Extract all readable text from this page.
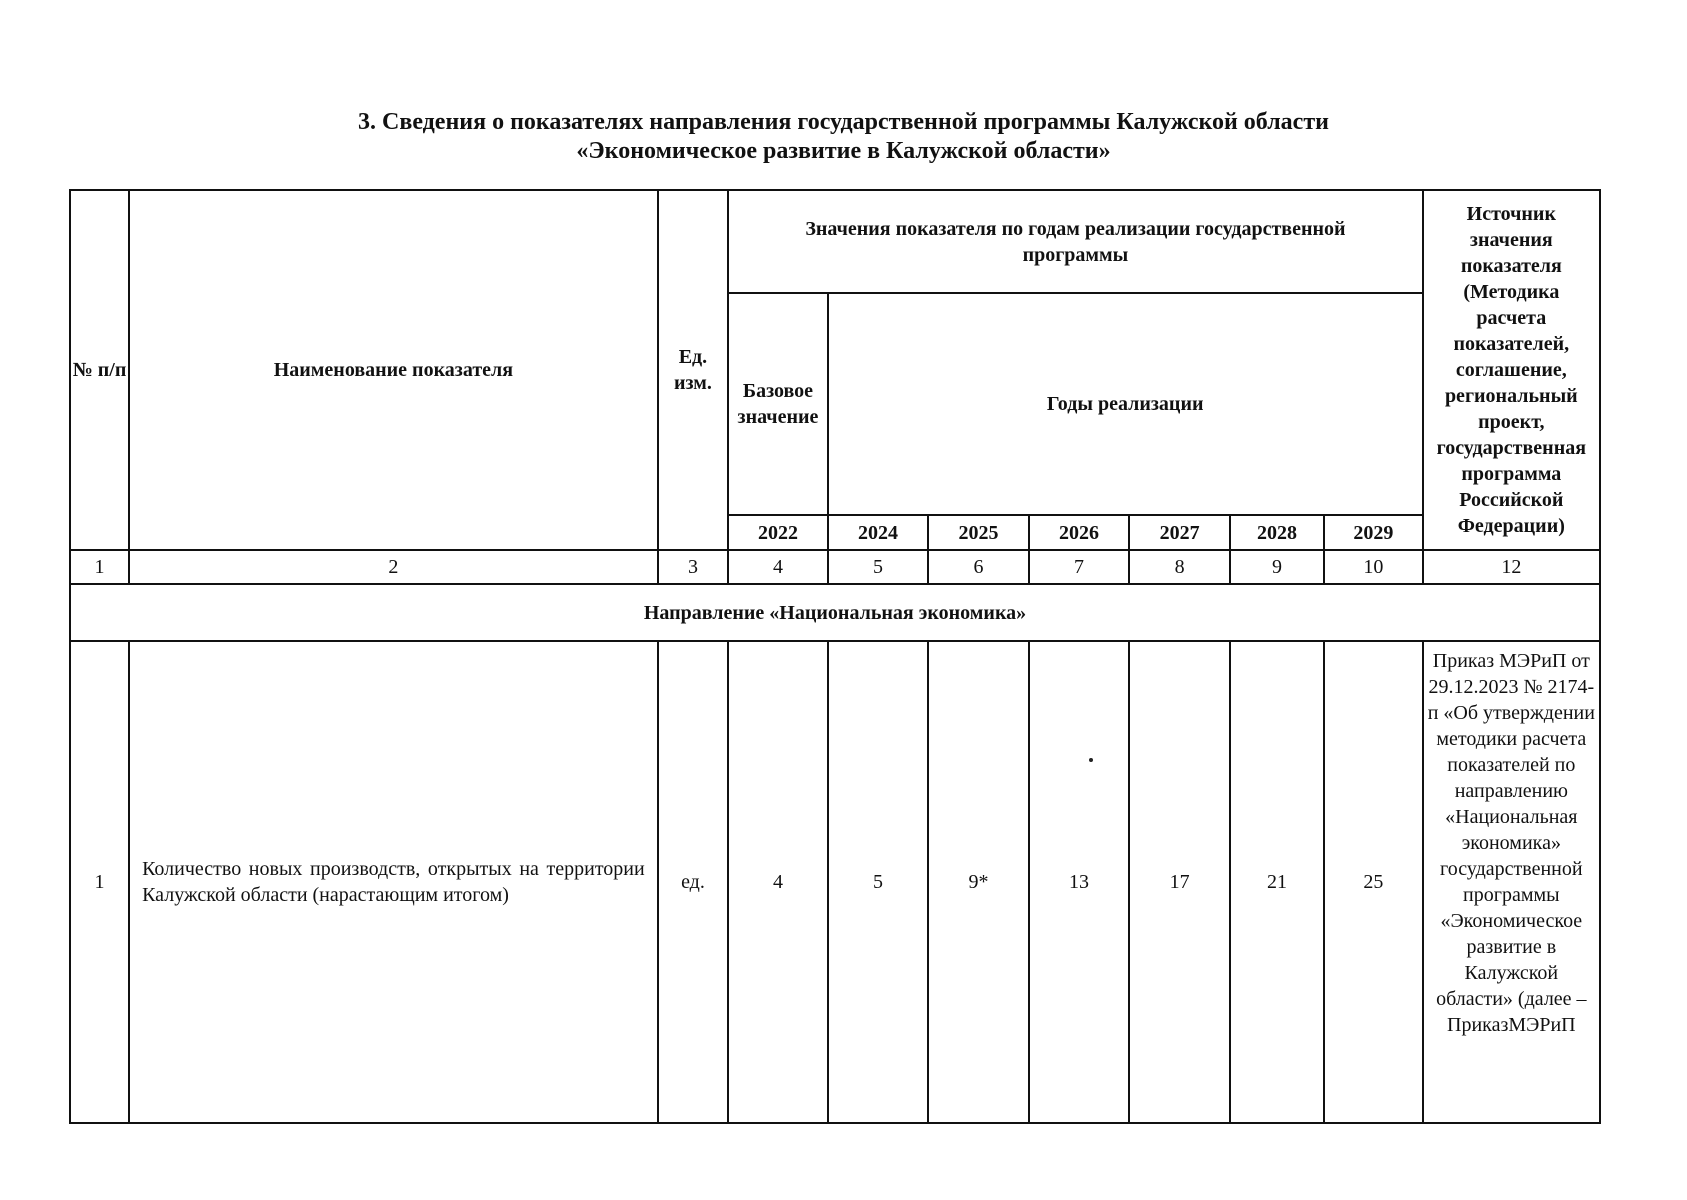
3. Сведения о показателях направления государственной программы Калужской области
«Экономическое развитие в Калужской области»
№ п/п	Наименование показателя	Ед. изм.	Значения показателя по годам реализации государственной программы							Источник значения показателя (Методика расчета показателей, соглашение, региональный проект, государственная программа Российской Федерации)
			Базовое значение	Годы реализации						
			2022	2024	2025	2026	2027	2028	2029	
1	2	3	4	5	6	7	8	9	10	12
Направление «Национальная экономика»										
1	Количество новых производств, открытых на территории Калужской области (нарастающим итогом)	ед.	4	5	9*	13	17	21	25	Приказ МЭРиП от 29.12.2023 № 2174-п «Об утверждении методики расчета показателей по направлению «Национальная экономика» государственной программы «Экономическое развитие в Калужской области» (далее – ПриказМЭРиП
